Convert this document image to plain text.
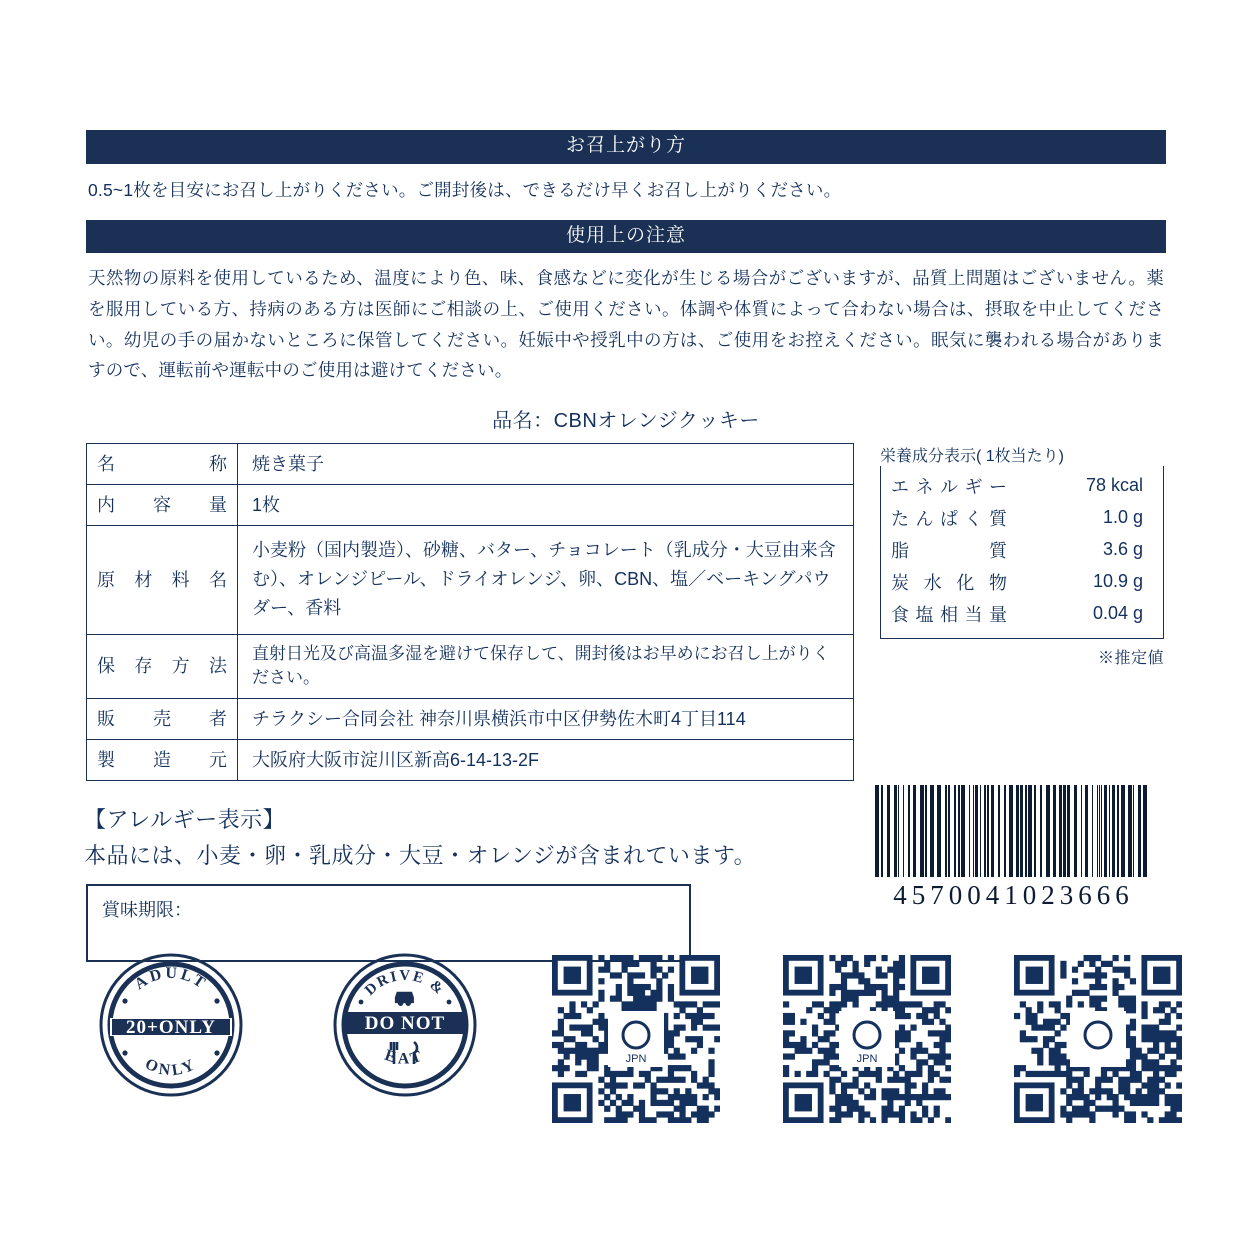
お召上がり方
0.5~1枚を目安にお召し上がりください。ご開封後は、できるだけ早くお召し上がりください。
使用上の注意
天然物の原料を使用しているため、温度により色、味、食感などに変化が生じる場合がございますが、品質上問題はございません。薬を服用している方、持病のある方は医師にご相談の上、ご使用ください。体調や体質によって合わない場合は、摂取を中止してください。幼児の手の届かないところに保管してください。妊娠中や授乳中の方は、ご使用をお控えください。眠気に襲われる場合がありますので、運転前や運転中のご使用は避けてください。
品名：CBNオレンジクッキー
名　称	焼き菓子
内容量	1枚
原材料名	小麦粉（国内製造）、砂糖、バター、チョコレート（乳成分・大豆由来含む）、オレンジピール、ドライオレンジ、卵、CBN、塩／ベーキングパウダー、香料
保存方法	直射日光及び高温多湿を避けて保存して、開封後はお早めにお召し上がりください。
販売者	チラクシー合同会社 神奈川県横浜市中区伊勢佐木町4丁目114
製造元	大阪府大阪市淀川区新高6-14-13-2F
栄養成分表示( 1枚当たり)
エネルギー	78 kcal
たんぱく質	1.0 g
脂　質	3.6 g
炭水化物	10.9 g
食塩相当量	0.04 g
※推定値
【アレルギー表示】
本品には、小麦・卵・乳成分・大豆・オレンジが含まれています。
賞味期限：
4570041023666
20+ONLY
ADULT
ONLY
DO NOT
DRIVE &
EAT	JPN	JPN
